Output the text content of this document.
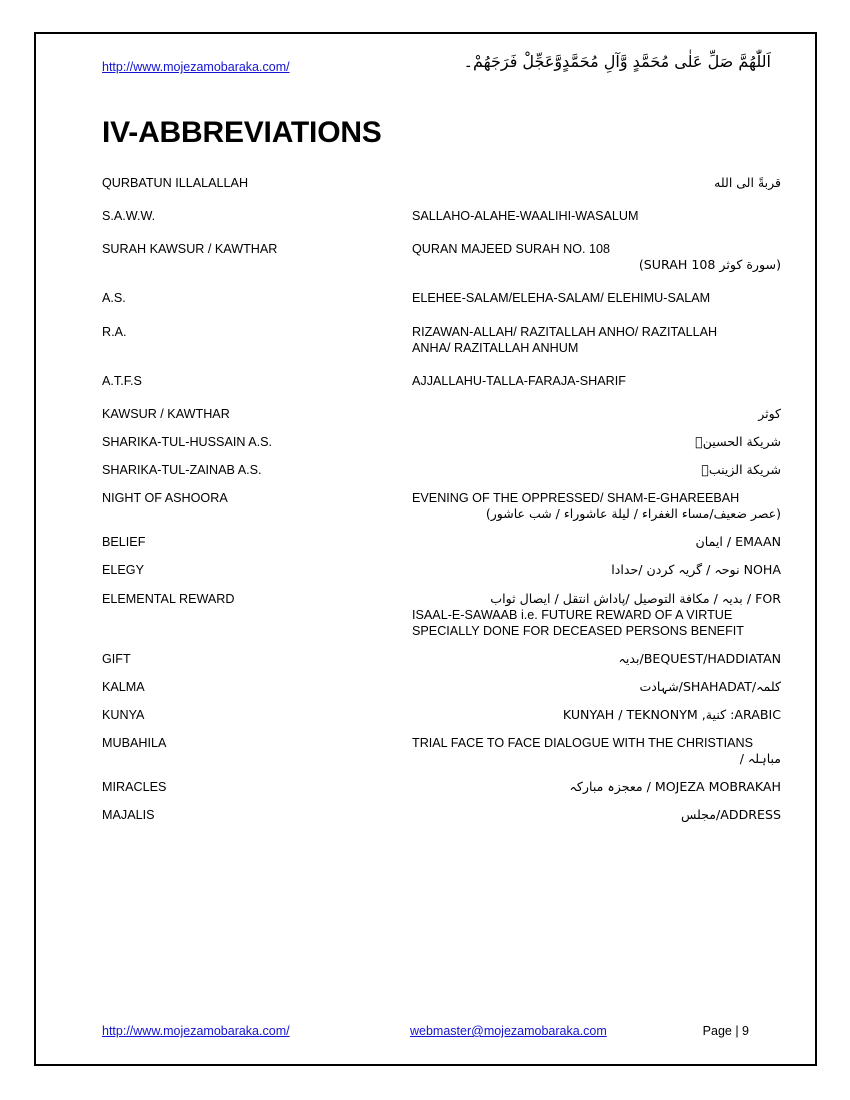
http://www.mojezamobaraka.com/	اَللّٰهُمَّ صَلِّ عَلٰى مُحَمَّدٍ وَّآلِ مُحَمَّدٍوَّعَجِّلْ فَرَجَهُمْ۔
IV-ABBREVIATIONS
QURBATUN ILLALALLAH	قربةً الى الله

S.A.W.W.	SALLAHO-ALAHE-WAALIHI-WASALUM

SURAH KAWSUR / KAWTHAR	QURAN MAJEED SURAH NO. 108
(سورة كوثر SURAH 108)

A.S.	ELEHEE-SALAM/ELEHA-SALAM/ ELEHIMU-SALAM

R.A.	RIZAWAN-ALLAH/ RAZITALLAH ANHO/ RAZITALLAH
ANHA/ RAZITALLAH ANHUM

A.T.F.S	AJJALLAHU-TALLA-FARAJA-SHARIF

KAWSUR / KAWTHAR	كوثر

SHARIKA-TUL-HUSSAIN A.S.	شريكة الحسينؑ

SHARIKA-TUL-ZAINAB A.S.	شريكة الزينبؑ

NIGHT OF ASHOORA	EVENING OF THE OPPRESSED/ SHAM-E-GHAREEBAH
(عصر ضعيف/مساء الغفراء / ليلة عاشوراء / شب عاشور)

BELIEF	EMAAN / ايمان

ELEGY	NOHA نوحہ / گريہ كردن /حدادا

ELEMENTAL REWARD	FOR / بديہ / مكافة التوصيل /پاداش انتقل / ايصال ثواب
ISAAL-E-SAWAAB i.e. FUTURE REWARD OF A VIRTUE
SPECIALLY DONE FOR DECEASED PERSONS BENEFIT

GIFT	BEQUEST/HADDIATAN/بديہ

KALMA	كلمہ/SHAHADAT/شہادت

KUNYA	ARABIC: كنية, KUNYAH / TEKNONYM

MUBAHILA	TRIAL FACE TO FACE DIALOGUE WITH THE CHRISTIANS
مباہلہ /

MIRACLES	MOJEZA MOBRAKAH / معجزہ مبارکہ

MAJALIS	ADDRESS/مجلس

http://www.mojezamobaraka.com/	webmaster@mojezamobaraka.com	Page | 9
